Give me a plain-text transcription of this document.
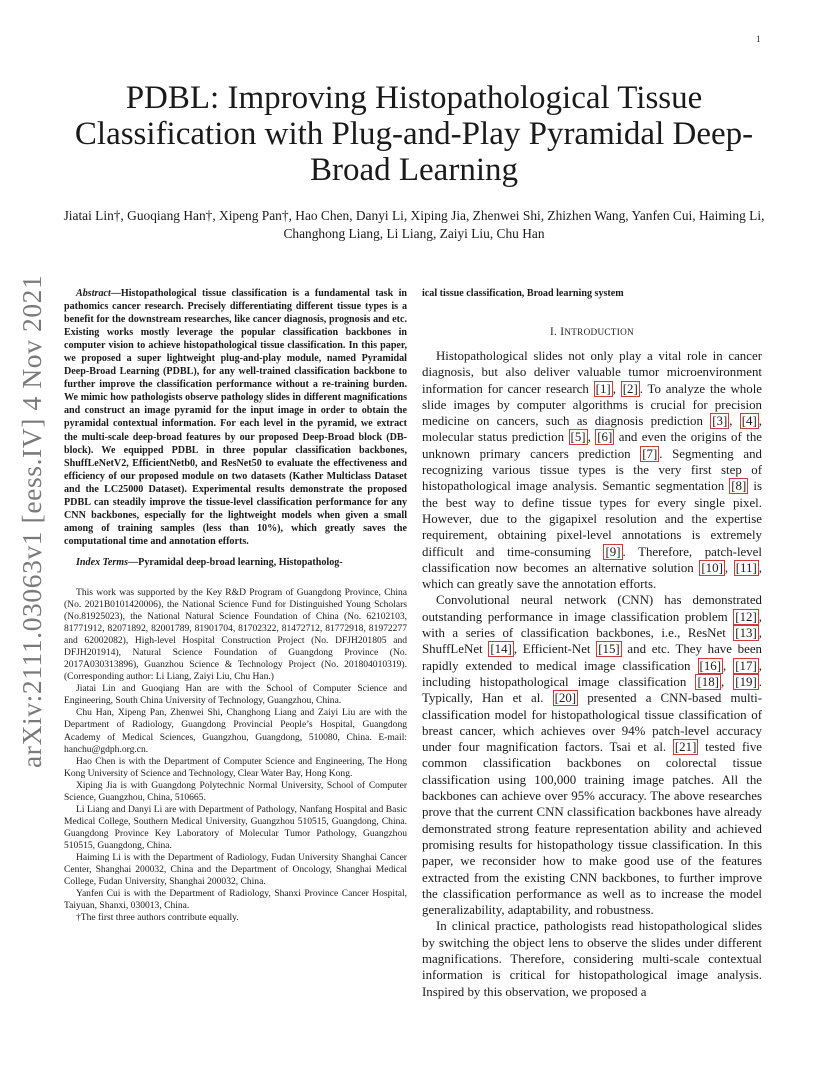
1
arXiv:2111.03063v1 [eess.IV] 4 Nov 2021
PDBL: Improving Histopathological Tissue Classification with Plug-and-Play Pyramidal Deep-Broad Learning
Jiatai Lin†, Guoqiang Han†, Xipeng Pan†, Hao Chen, Danyi Li, Xiping Jia, Zhenwei Shi, Zhizhen Wang, Yanfen Cui, Haiming Li, Changhong Liang, Li Liang, Zaiyi Liu, Chu Han

Abstract—Histopathological tissue classification is a fundamental task in pathomics cancer research. Precisely differentiating different tissue types is a benefit for the downstream researches, like cancer diagnosis, prognosis and etc. Existing works mostly leverage the popular classification backbones in computer vision to achieve histopathological tissue classification. In this paper, we proposed a super lightweight plug-and-play module, named Pyramidal Deep-Broad Learning (PDBL), for any well-trained classification backbone to further improve the classification performance without a re-training burden. We mimic how pathologists observe pathology slides in different magnifications and construct an image pyramid for the input image in order to obtain the pyramidal contextual information. For each level in the pyramid, we extract the multi-scale deep-broad features by our proposed Deep-Broad block (DB-block). We equipped PDBL in three popular classification backbones, ShuffLeNetV2, EfficientNetb0, and ResNet50 to evaluate the effectiveness and efficiency of our proposed module on two datasets (Kather Multiclass Dataset and the LC25000 Dataset). Experimental results demonstrate the proposed PDBL can steadily improve the tissue-level classification performance for any CNN backbones, especially for the lightweight models when given a small among of training samples (less than 10%), which greatly saves the computational time and annotation efforts.

Index Terms—Pyramidal deep-broad learning, Histopatholog-

This work was supported by the Key R&D Program of Guangdong Province, China (No. 2021B0101420006), the National Science Fund for Distinguished Young Scholars (No.81925023), the National Natural Science Foundation of China (No. 62102103, 81771912, 82071892, 82001789, 81901704, 81702322, 81472712, 81772918, 81972277 and 62002082), High-level Hospital Construction Project (No. DFJH201805 and DFJH201914), Natural Science Foundation of Guangdong Province (No. 2017A030313896), Guanzhou Science & Technology Project (No. 201804010319). (Corresponding author: Li Liang, Zaiyi Liu, Chu Han.)

Jiatai Lin and Guoqiang Han are with the School of Computer Science and Engineering, South China University of Technology, Guangzhou, China.

Chu Han, Xipeng Pan, Zhenwei Shi, Changhong Liang and Zaiyi Liu are with the Department of Radiology, Guangdong Provincial People’s Hospital, Guangdong Academy of Medical Sciences, Guangzhou, Guangdong, 510080, China. E-mail: hanchu@gdph.org.cn.

Hao Chen is with the Department of Computer Science and Engineering, The Hong Kong University of Science and Technology, Clear Water Bay, Hong Kong.

Xiping Jia is with Guangdong Polytechnic Normal University, School of Computer Science, Guangzhou, China, 510665.

Li Liang and Danyi Li are with Department of Pathology, Nanfang Hospital and Basic Medical College, Southern Medical University, Guangzhou 510515, Guangdong, China. Guangdong Province Key Laboratory of Molecular Tumor Pathology, Guangzhou 510515, Guangdong, China.

Haiming Li is with the Department of Radiology, Fudan University Shanghai Cancer Center, Shanghai 200032, China and the Department of Oncology, Shanghai Medical College, Fudan University, Shanghai 200032, China.

Yanfen Cui is with the Department of Radiology, Shanxi Province Cancer Hospital, Taiyuan, Shanxi, 030013, China.

†The first three authors contribute equally.

ical tissue classification, Broad learning system

I. INTRODUCTION

Histopathological slides not only play a vital role in cancer diagnosis, but also deliver valuable tumor microenvironment information for cancer research [1] , [2] . To analyze the whole slide images by computer algorithms is crucial for precision medicine on cancers, such as diagnosis prediction [3] , [4] , molecular status prediction [5] , [6] and even the origins of the unknown primary cancers prediction [7] . Segmenting and recognizing various tissue types is the very first step of histopathological image analysis. Semantic segmentation [8] is the best way to define tissue types for every single pixel. However, due to the gigapixel resolution and the expertise requirement, obtaining pixel-level annotations is extremely difficult and time-consuming [9] . Therefore, patch-level classification now becomes an alternative solution [10] , [11] , which can greatly save the annotation efforts.

Convolutional neural network (CNN) has demonstrated outstanding performance in image classification problem [12] , with a series of classification backbones, i.e., ResNet [13] , ShuffLeNet [14] , Efficient-Net [15] and etc. They have been rapidly extended to medical image classification [16] , [17] , including histopathological image classification [18] , [19] . Typically, Han et al. [20] presented a CNN-based multi-classification model for histopathological tissue classification of breast cancer, which achieves over 94% patch-level accuracy under four magnification factors. Tsai et al. [21] tested five common classification backbones on colorectal tissue classification using 100,000 training image patches. All the backbones can achieve over 95% accuracy. The above researches prove that the current CNN classification backbones have already demonstrated strong feature representation ability and achieved promising results for histopathology tissue classification. In this paper, we reconsider how to make good use of the features extracted from the existing CNN backbones, to further improve the classification performance as well as to increase the model generalizability, adaptability, and robustness.

In clinical practice, pathologists read histopathological slides by switching the object lens to observe the slides under different magnifications. Therefore, considering multi-scale contextual information is critical for histopathological image analysis. Inspired by this observation, we proposed a
